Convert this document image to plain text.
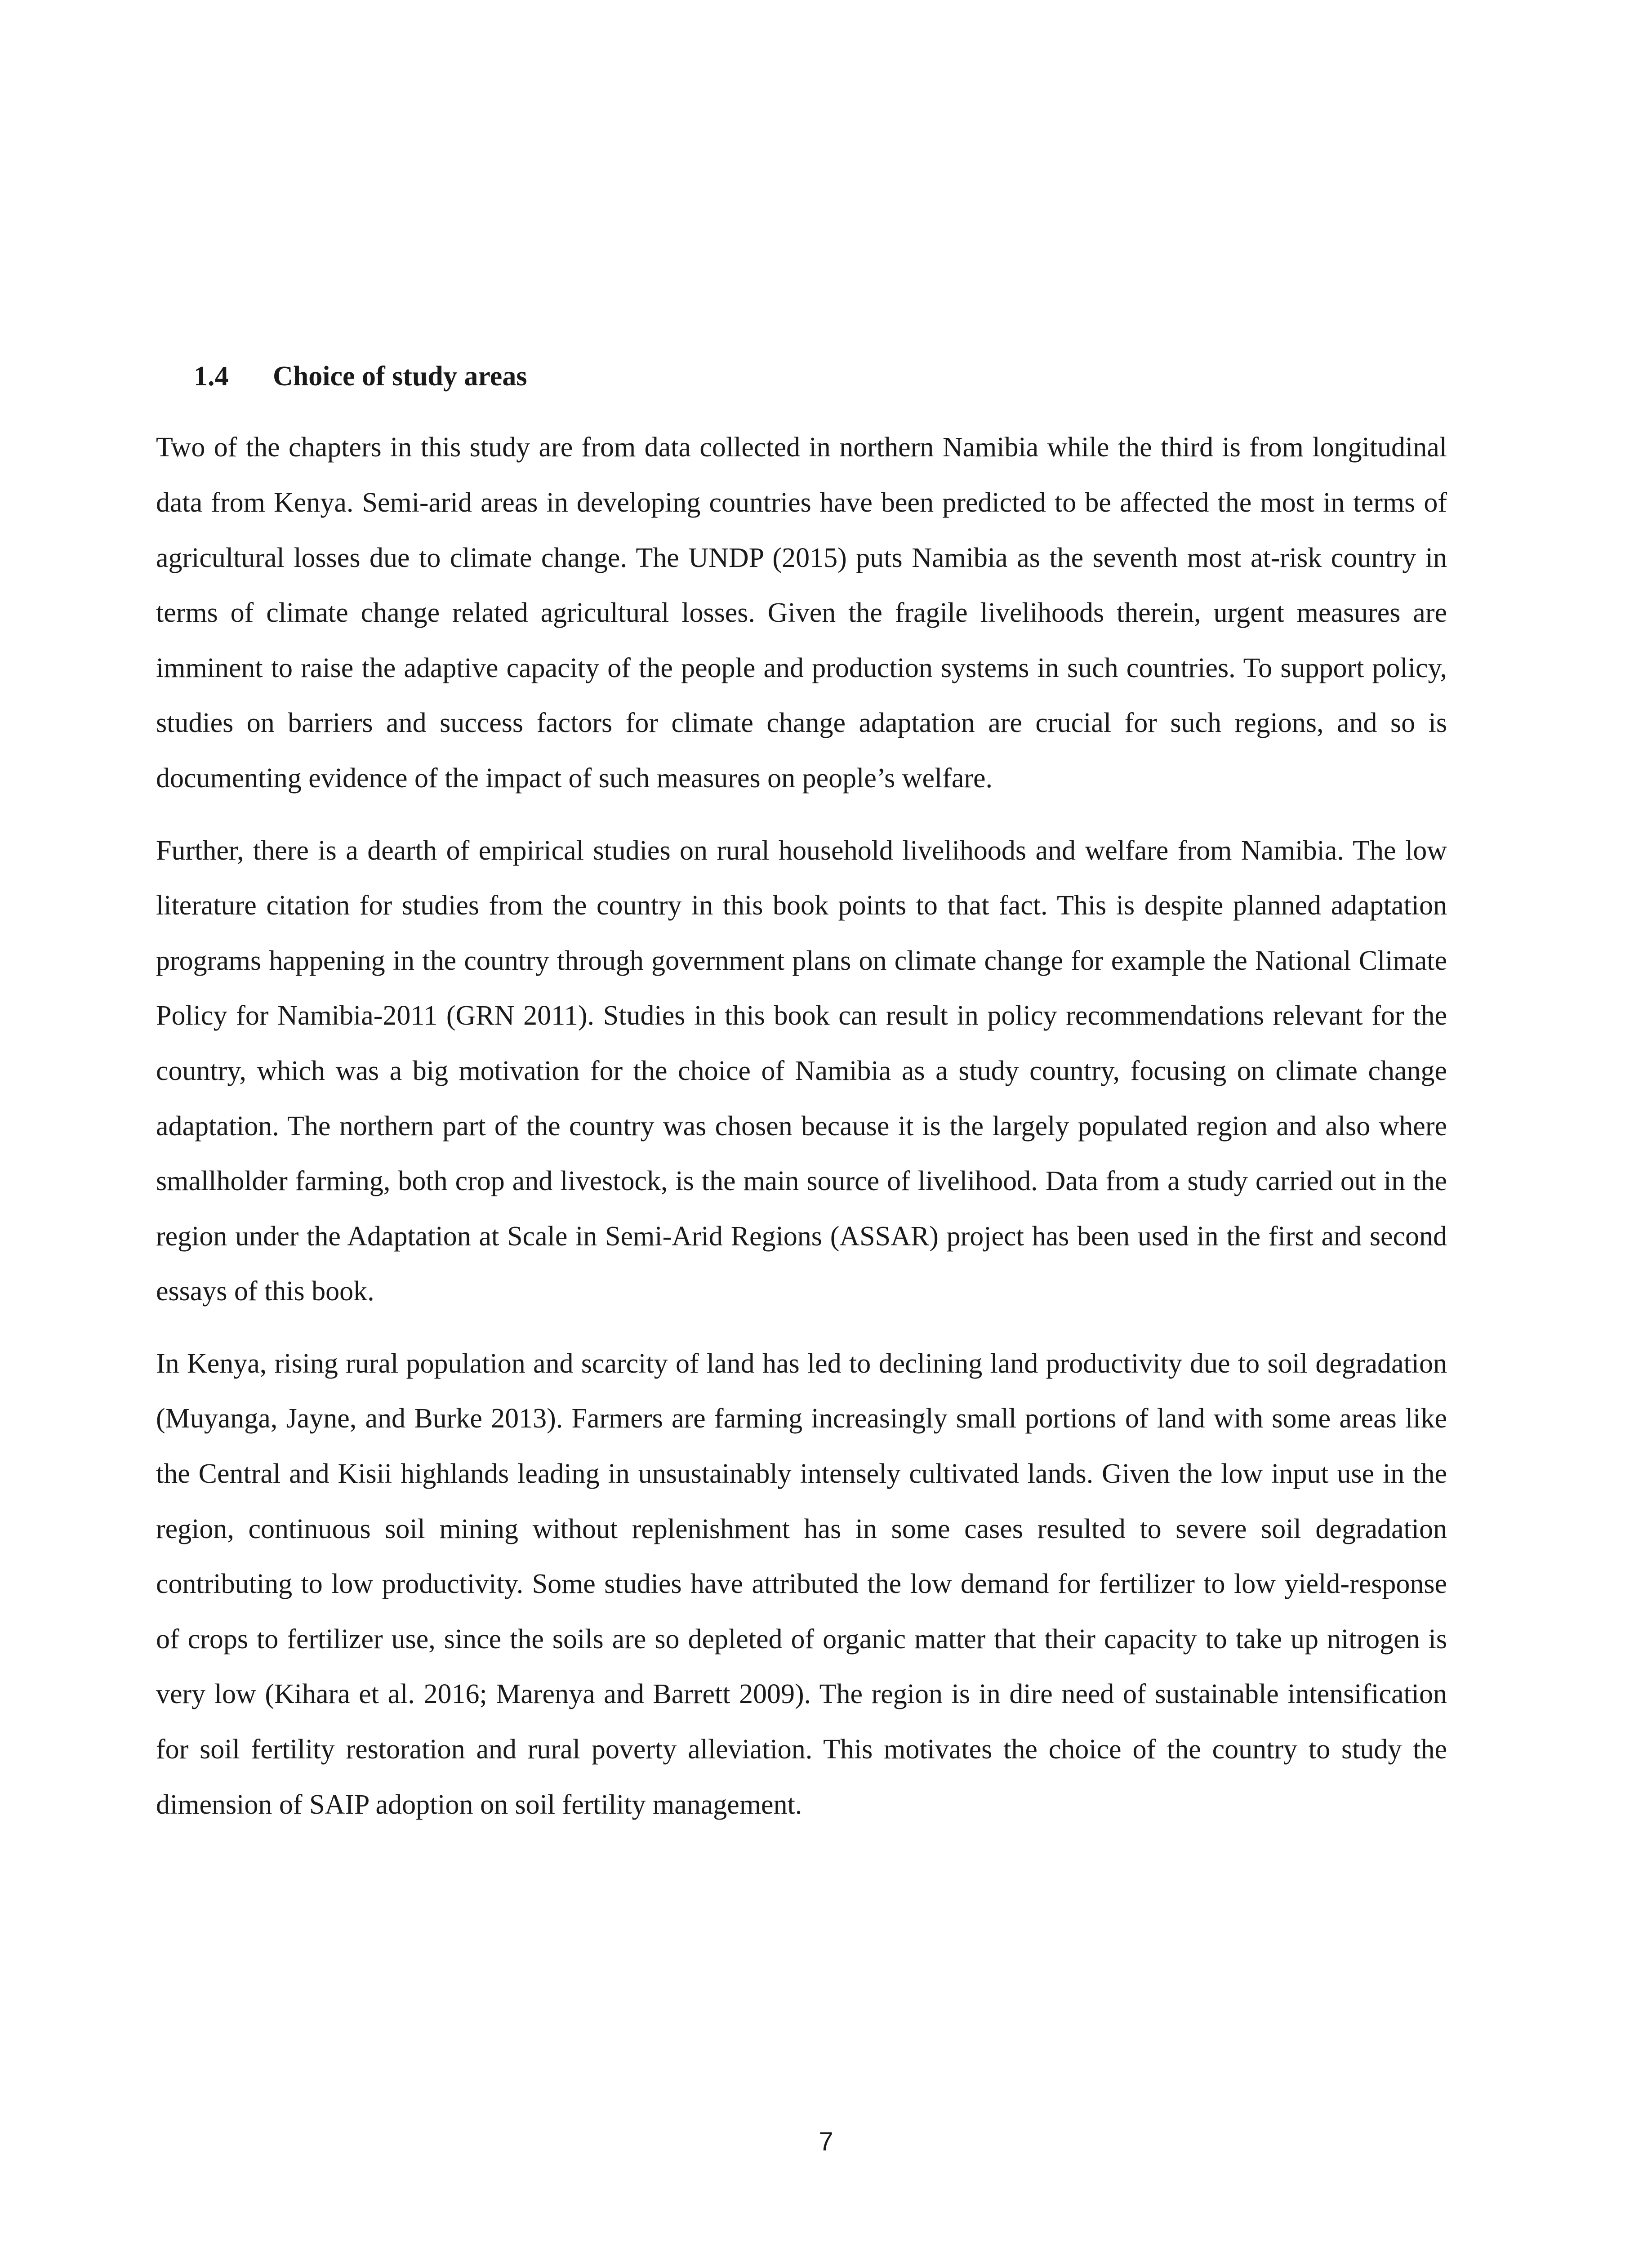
1.4	Choice of study areas

Two of the chapters in this study are from data collected in northern Namibia while the third is from longitudinal data from Kenya. Semi-arid areas in developing countries have been predicted to be affected the most in terms of agricultural losses due to climate change. The UNDP (2015) puts Namibia as the seventh most at-risk country in terms of climate change related agricultural losses. Given the fragile livelihoods therein, urgent measures are imminent to raise the adaptive capacity of the people and production systems in such countries. To support policy, studies on barriers and success factors for climate change adaptation are crucial for such regions, and so is documenting evidence of the impact of such measures on people’s welfare.

Further, there is a dearth of empirical studies on rural household livelihoods and welfare from Namibia. The low literature citation for studies from the country in this book points to that fact. This is despite planned adaptation programs happening in the country through government plans on climate change for example the National Climate Policy for Namibia-2011 (GRN 2011). Studies in this book can result in policy recommendations relevant for the country, which was a big motivation for the choice of Namibia as a study country, focusing on climate change adaptation. The northern part of the country was chosen because it is the largely populated region and also where smallholder farming, both crop and livestock, is the main source of livelihood. Data from a study carried out in the region under the Adaptation at Scale in Semi-Arid Regions (ASSAR) project has been used in the first and second essays of this book.

In Kenya, rising rural population and scarcity of land has led to declining land productivity due to soil degradation (Muyanga, Jayne, and Burke 2013). Farmers are farming increasingly small portions of land with some areas like the Central and Kisii highlands leading in unsustainably intensely cultivated lands. Given the low input use in the region, continuous soil mining without replenishment has in some cases resulted to severe soil degradation contributing to low productivity. Some studies have attributed the low demand for fertilizer to low yield-response of crops to fertilizer use, since the soils are so depleted of organic matter that their capacity to take up nitrogen is very low (Kihara et al. 2016; Marenya and Barrett 2009). The region is in dire need of sustainable intensification for soil fertility restoration and rural poverty alleviation. This motivates the choice of the country to study the dimension of SAIP adoption on soil fertility management.

7
